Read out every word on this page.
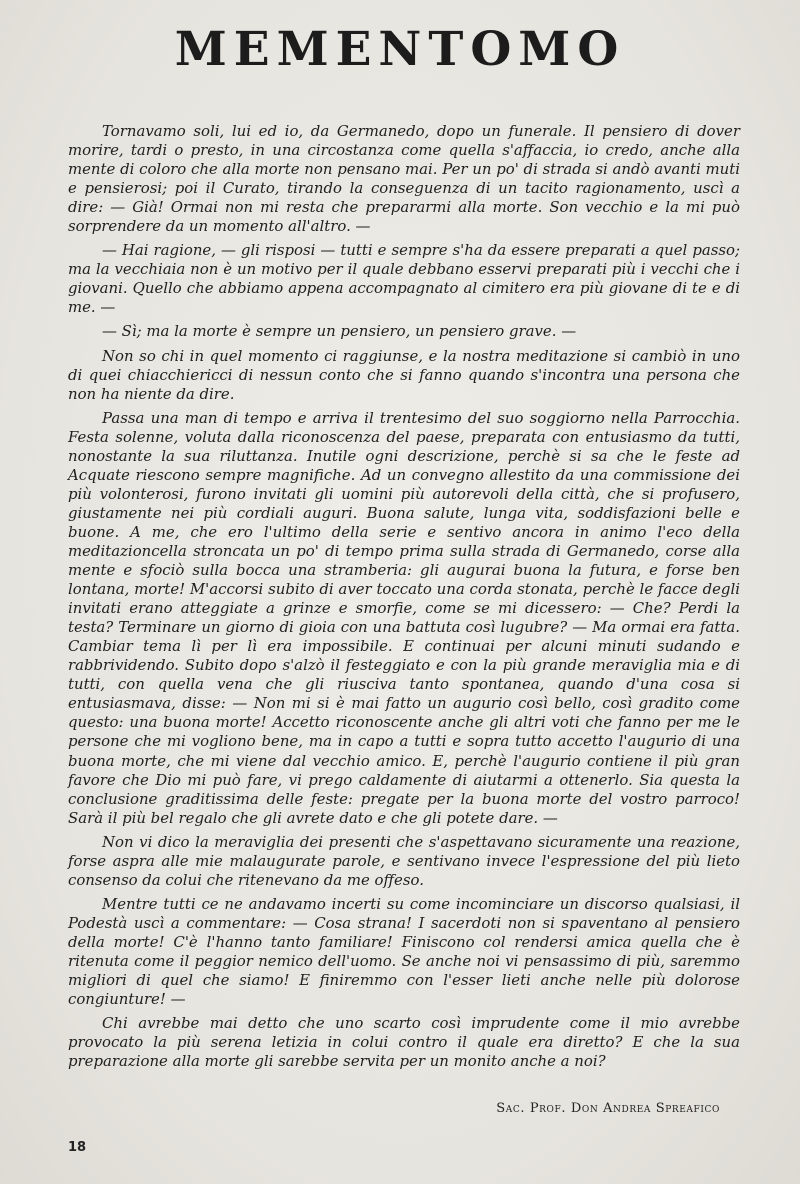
MEMENTOMO

Tornavamo soli, lui ed io, da Germanedo, dopo un funerale. Il pensiero di dover morire, tardi o presto, in una circostanza come quella s'affaccia, io credo, anche alla mente di coloro che alla morte non pensano mai. Per un po' di strada si andò avanti muti e pensierosi; poi il Curato, tirando la conseguenza di un tacito ragionamento, uscì a dire: — Già! Ormai non mi resta che prepararmi alla morte. Son vecchio e la mi può sorprendere da un momento all'altro. —

— Hai ragione, — gli risposi — tutti e sempre s'ha da essere preparati a quel passo; ma la vecchiaia non è un motivo per il quale debbano esservi preparati più i vecchi che i giovani. Quello che abbiamo appena accompagnato al cimitero era più giovane di te e di me. —

— Sì; ma la morte è sempre un pensiero, un pensiero grave. —

Non so chi in quel momento ci raggiunse, e la nostra meditazione si cambiò in uno di quei chiacchiericci di nessun conto che si fanno quando s'incontra una persona che non ha niente da dire.

Passa una man di tempo e arriva il trentesimo del suo soggiorno nella Parrocchia. Festa solenne, voluta dalla riconoscenza del paese, preparata con entusiasmo da tutti, nonostante la sua riluttanza. Inutile ogni descrizione, perchè si sa che le feste ad Acquate riescono sempre magnifiche. Ad un convegno allestito da una commissione dei più volonterosi, furono invitati gli uomini più autorevoli della città, che si profusero, giustamente nei più cordiali auguri. Buona salute, lunga vita, soddisfazioni belle e buone. A me, che ero l'ultimo della serie e sentivo ancora in animo l'eco della meditazioncella stroncata un po' di tempo prima sulla strada di Germanedo, corse alla mente e sfociò sulla bocca una stramberia: gli augurai buona la futura, e forse ben lontana, morte! M'accorsi subito di aver toccato una corda stonata, perchè le facce degli invitati erano atteggiate a grinze e smorfie, come se mi dicessero: — Che? Perdi la testa? Terminare un giorno di gioia con una battuta così lugubre? — Ma ormai era fatta. Cambiar tema lì per lì era impossibile. E continuai per alcuni minuti sudando e rabbrividendo. Subito dopo s'alzò il festeggiato e con la più grande meraviglia mia e di tutti, con quella vena che gli riusciva tanto spontanea, quando d'una cosa si entusiasmava, disse: — Non mi si è mai fatto un augurio così bello, così gradito come questo: una buona morte! Accetto riconoscente anche gli altri voti che fanno per me le persone che mi vogliono bene, ma in capo a tutti e sopra tutto accetto l'augurio di una buona morte, che mi viene dal vecchio amico. E, perchè l'augurio contiene il più gran favore che Dio mi può fare, vi prego caldamente di aiutarmi a ottenerlo. Sia questa la conclusione graditissima delle feste: pregate per la buona morte del vostro parroco! Sarà il più bel regalo che gli avrete dato e che gli potete dare. —

Non vi dico la meraviglia dei presenti che s'aspettavano sicuramente una reazione, forse aspra alle mie malaugurate parole, e sentivano invece l'espressione del più lieto consenso da colui che ritenevano da me offeso.

Mentre tutti ce ne andavamo incerti su come incominciare un discorso qualsiasi, il Podestà uscì a commentare: — Cosa strana! I sacerdoti non si spaventano al pensiero della morte! C'è l'hanno tanto familiare! Finiscono col rendersi amica quella che è ritenuta come il peggior nemico dell'uomo. Se anche noi vi pensassimo di più, saremmo migliori di quel che siamo! E finiremmo con l'esser lieti anche nelle più dolorose congiunture! —

Chi avrebbe mai detto che uno scarto così imprudente come il mio avrebbe provocato la più serena letizia in colui contro il quale era diretto? E che la sua preparazione alla morte gli sarebbe servita per un monito anche a noi?

Sac. Prof. Don Andrea Spreafico
18
